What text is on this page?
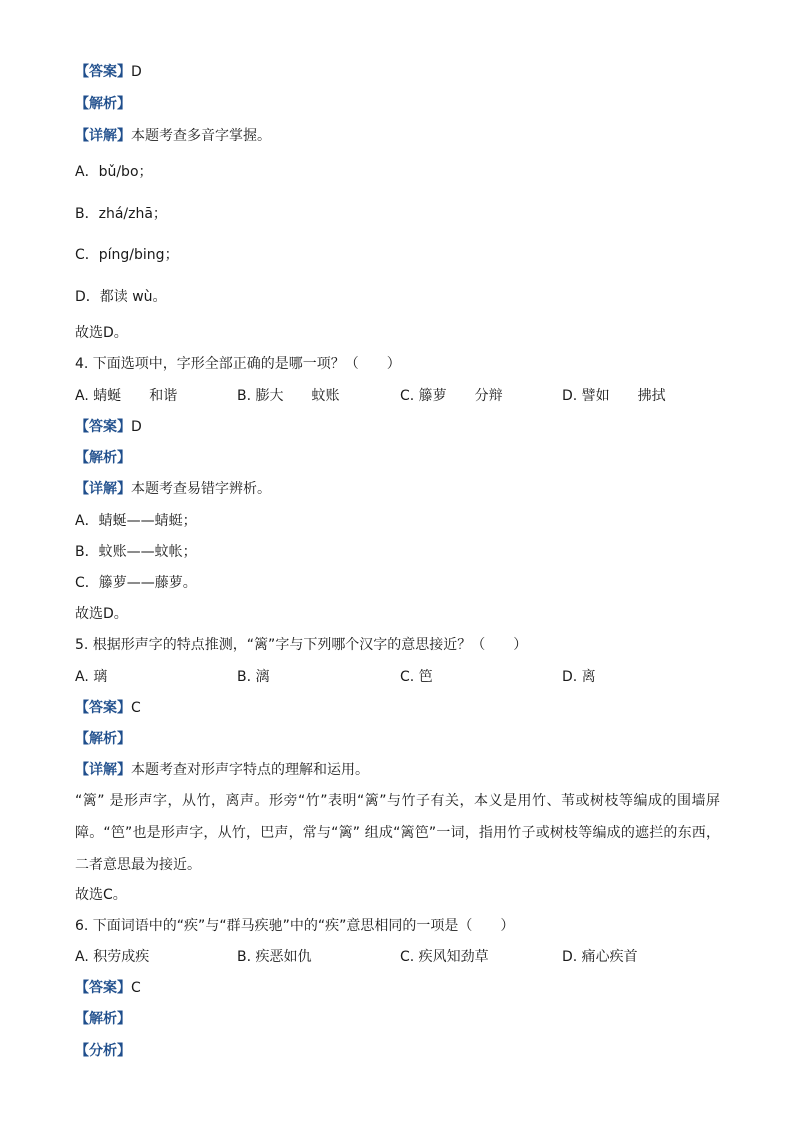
【答案】D
【解析】
【详解】本题考查多音字掌握。
A．bǔ/bo；
B．zhá/zhā；
C．píng/bing；
D．都读 wù。
故选D。
4. 下面选项中，字形全部正确的是哪一项？（　　）
A. 蜻蜒　　和谐	B. 膨大　　蚊账	C. 籐萝　　分辩	D. 譬如　　拂拭
【答案】D
【解析】
【详解】本题考查易错字辨析。
A．蜻蜒——蜻蜓；
B．蚊账——蚊帐；
C．籐萝——藤萝。
故选D。
5. 根据形声字的特点推测，“篱”字与下列哪个汉字的意思接近？（　　）
A. 璃	B. 漓	C. 笆	D. 离
【答案】C
【解析】
【详解】本题考查对形声字特点的理解和运用。
“篱” 是形声字，从竹，离声。形旁“竹”表明“篱”与竹子有关，本义是用竹、苇或树枝等编成的围墙屏障。“笆”也是形声字，从竹，巴声，常与“篱” 组成“篱笆”一词，指用竹子或树枝等编成的遮拦的东西，二者意思最为接近。
故选C。
6. 下面词语中的“疾”与“群马疾驰”中的“疾”意思相同的一项是（　　）
A. 积劳成疾	B. 疾恶如仇	C. 疾风知劲草	D. 痛心疾首
【答案】C
【解析】
【分析】
